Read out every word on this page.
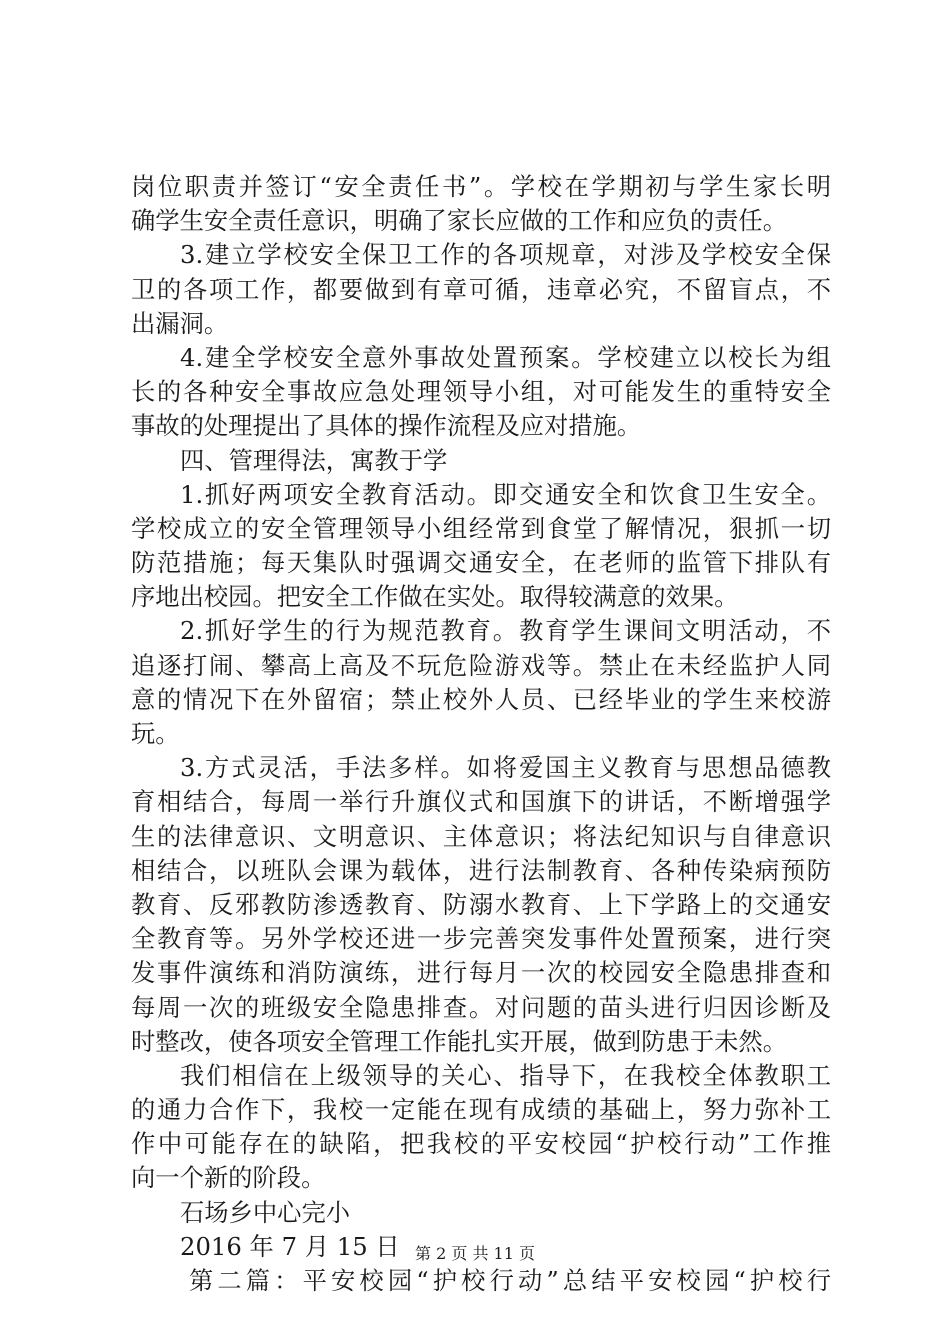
岗位职责并签订“安全责任书”。学校在学期初与学生家长明
确学生安全责任意识，明确了家长应做的工作和应负的责任。
3.建立学校安全保卫工作的各项规章，对涉及学校安全保
卫的各项工作，都要做到有章可循，违章必究，不留盲点，不
出漏洞。
4.建全学校安全意外事故处置预案。学校建立以校长为组
长的各种安全事故应急处理领导小组，对可能发生的重特安全
事故的处理提出了具体的操作流程及应对措施。
四、管理得法，寓教于学
1.抓好两项安全教育活动。即交通安全和饮食卫生安全。
学校成立的安全管理领导小组经常到食堂了解情况，狠抓一切
防范措施；每天集队时强调交通安全，在老师的监管下排队有
序地出校园。把安全工作做在实处。取得较满意的效果。
2.抓好学生的行为规范教育。教育学生课间文明活动，不
追逐打闹、攀高上高及不玩危险游戏等。禁止在未经监护人同
意的情况下在外留宿；禁止校外人员、已经毕业的学生来校游
玩。
3.方式灵活，手法多样。如将爱国主义教育与思想品德教
育相结合，每周一举行升旗仪式和国旗下的讲话，不断增强学
生的法律意识、文明意识、主体意识；将法纪知识与自律意识
相结合，以班队会课为载体，进行法制教育、各种传染病预防
教育、反邪教防渗透教育、防溺水教育、上下学路上的交通安
全教育等。另外学校还进一步完善突发事件处置预案，进行突
发事件演练和消防演练，进行每月一次的校园安全隐患排查和
每周一次的班级安全隐患排查。对问题的苗头进行归因诊断及
时整改，使各项安全管理工作能扎实开展，做到防患于未然。
我们相信在上级领导的关心、指导下，在我校全体教职工
的通力合作下，我校一定能在现有成绩的基础上，努力弥补工
作中可能存在的缺陷，把我校的平安校园“护校行动”工作推
向一个新的阶段。
石场乡中心完小
2016 年 7 月 15 日
第二篇：平安校园“护校行动”总结平安校园“护校行
第 2 页 共 11 页
